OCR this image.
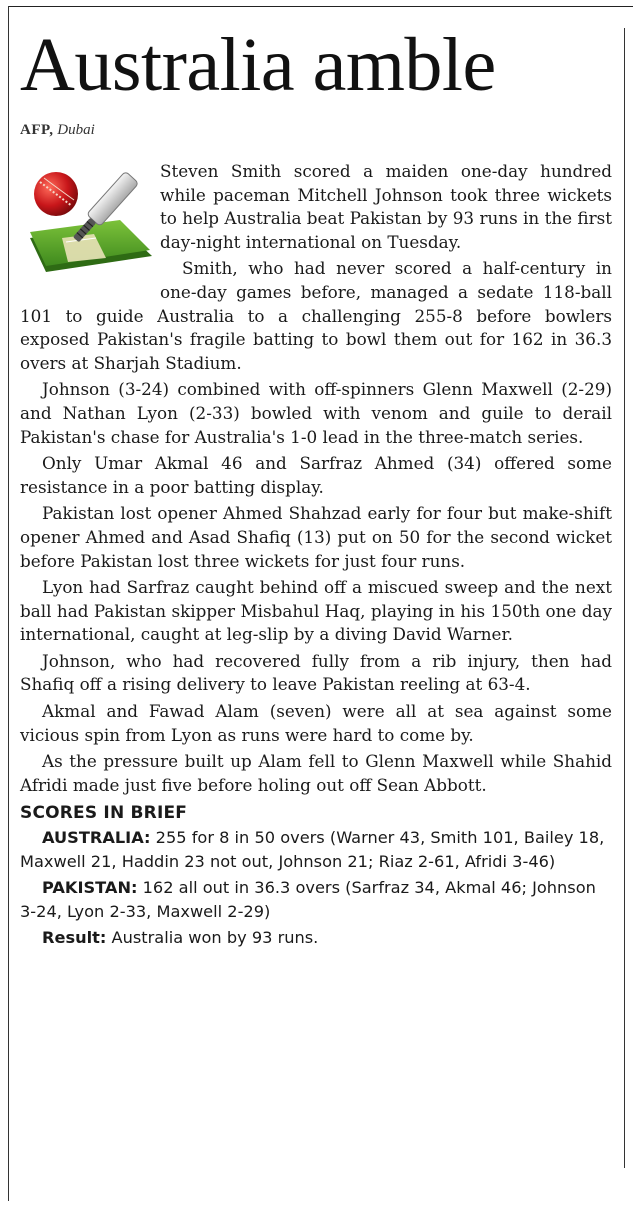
Australia amble
AFP, Dubai

Steven Smith scored a maiden one-day hundred while paceman Mitchell Johnson took three wickets to help Australia beat Pakistan by 93 runs in the first day-night international on Tuesday.

Smith, who had never scored a half-century in one-day games before, managed a sedate 118-ball 101 to guide Australia to a challenging 255-8 before bowlers exposed Pakistan's fragile batting to bowl them out for 162 in 36.3 overs at Sharjah Stadium.

Johnson (3-24) combined with off-spinners Glenn Maxwell (2-29) and Nathan Lyon (2-33) bowled with venom and guile to derail Pakistan's chase for Australia's 1-0 lead in the three-match series.

Only Umar Akmal 46 and Sarfraz Ahmed (34) offered some resistance in a poor batting display.

Pakistan lost opener Ahmed Shahzad early for four but make-shift opener Ahmed and Asad Shafiq (13) put on 50 for the second wicket before Pakistan lost three wickets for just four runs.

Lyon had Sarfraz caught behind off a miscued sweep and the next ball had Pakistan skipper Misbahul Haq, playing in his 150th one day international, caught at leg-slip by a diving David Warner.

Johnson, who had recovered fully from a rib injury, then had Shafiq off a rising delivery to leave Pakistan reeling at 63-4.

Akmal and Fawad Alam (seven) were all at sea against some vicious spin from Lyon as runs were hard to come by.

As the pressure built up Alam fell to Glenn Maxwell while Shahid Afridi made just five before holing out off Sean Abbott.

SCORES IN BRIEF

AUSTRALIA: 255 for 8 in 50 overs (Warner 43, Smith 101, Bailey 18, Maxwell 21, Haddin 23 not out, Johnson 21; Riaz 2-61, Afridi 3-46)

PAKISTAN: 162 all out in 36.3 overs (Sarfraz 34, Akmal 46; Johnson 3-24, Lyon 2-33, Maxwell 2-29)

Result: Australia won by 93 runs.
